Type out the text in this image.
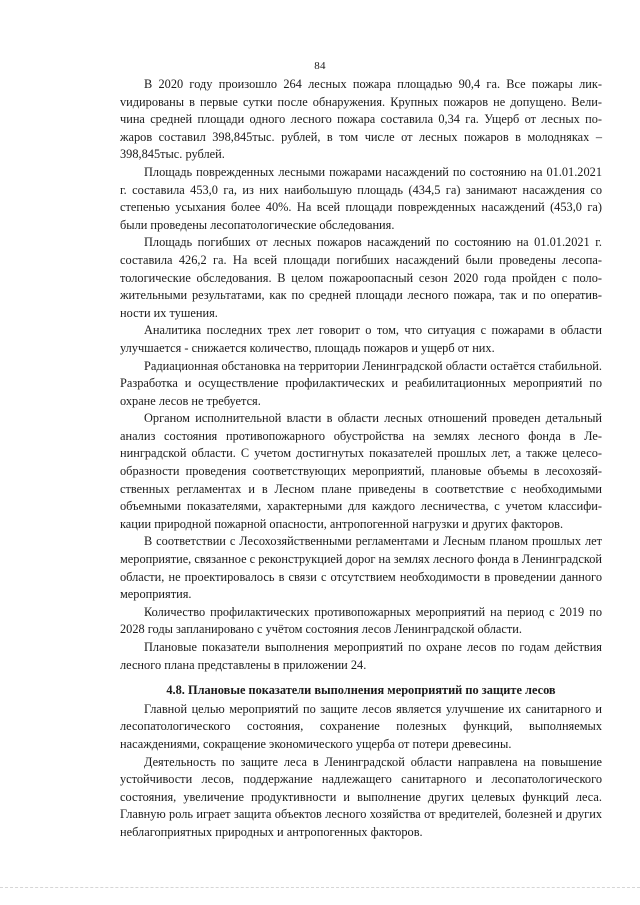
84

В 2020 году произошло 264 лесных пожара площадью 90,4 га. Все пожары ликvидированы в первые сутки после обнаружения. Крупных пожаров не допущено. Величина средней площади одного лесного пожара составила 0,34 га. Ущерб от лесных пожаров составил 398,845тыс. рублей, в том числе от лесных пожаров в молодняках – 398,845тыс. рублей.

Площадь поврежденных лесными пожарами насаждений по состоянию на 01.01.2021 г. составила 453,0 га, из них наибольшую площадь (434,5 га) занимают насаждения со степенью усыхания более 40%. На всей площади поврежденных насаждений (453,0 га) были проведены лесопатологические обследования.

Площадь погибших от лесных пожаров насаждений по состоянию на 01.01.2021 г. составила 426,2 га. На всей площади погибших насаждений были проведены лесопатологические обследования. В целом пожароопасный сезон 2020 года пройден с положительными результатами, как по средней площади лесного пожара, так и по оперативности их тушения.

Аналитика последних трех лет говорит о том, что ситуация с пожарами в области улучшается - снижается количество, площадь пожаров и ущерб от них.

Радиационная обстановка на территории Ленинградской области остаётся стабильной. Разработка и осуществление профилактических и реабилитационных мероприятий по охране лесов не требуется.

Органом исполнительной власти в области лесных отношений проведен детальный анализ состояния противопожарного обустройства на землях лесного фонда в Ленинградской области. С учетом достигнутых показателей прошлых лет, а также целесообразности проведения соответствующих мероприятий, плановые объемы в лесохозяйственных регламентах и в Лесном плане приведены в соответствие с необходимыми объемными показателями, характерными для каждого лесничества, с учетом классификации природной пожарной опасности, антропогенной нагрузки и других факторов.

В соответствии с Лесохозяйственными регламентами и Лесным планом прошлых лет мероприятие, связанное с реконструкцией дорог на землях лесного фонда в Ленинградской области, не проектировалось в связи с отсутствием необходимости в проведении данного мероприятия.

Количество профилактических противопожарных мероприятий на период с 2019 по 2028 годы запланировано с учётом состояния лесов Ленинградской области.

Плановые показатели выполнения мероприятий по охране лесов по годам действия лесного плана представлены в приложении 24.

4.8. Плановые показатели выполнения мероприятий по защите лесов

Главной целью мероприятий по защите лесов является улучшение их санитарного и лесопатологического состояния, сохранение полезных функций, выполняемых насаждениями, сокращение экономического ущерба от потери древесины.

Деятельность по защите леса в Ленинградской области направлена на повышение устойчивости лесов, поддержание надлежащего санитарного и лесопатологического состояния, увеличение продуктивности и выполнение других целевых функций леса. Главную роль играет защита объектов лесного хозяйства от вредителей, болезней и других неблагоприятных природных и антропогенных факторов.
